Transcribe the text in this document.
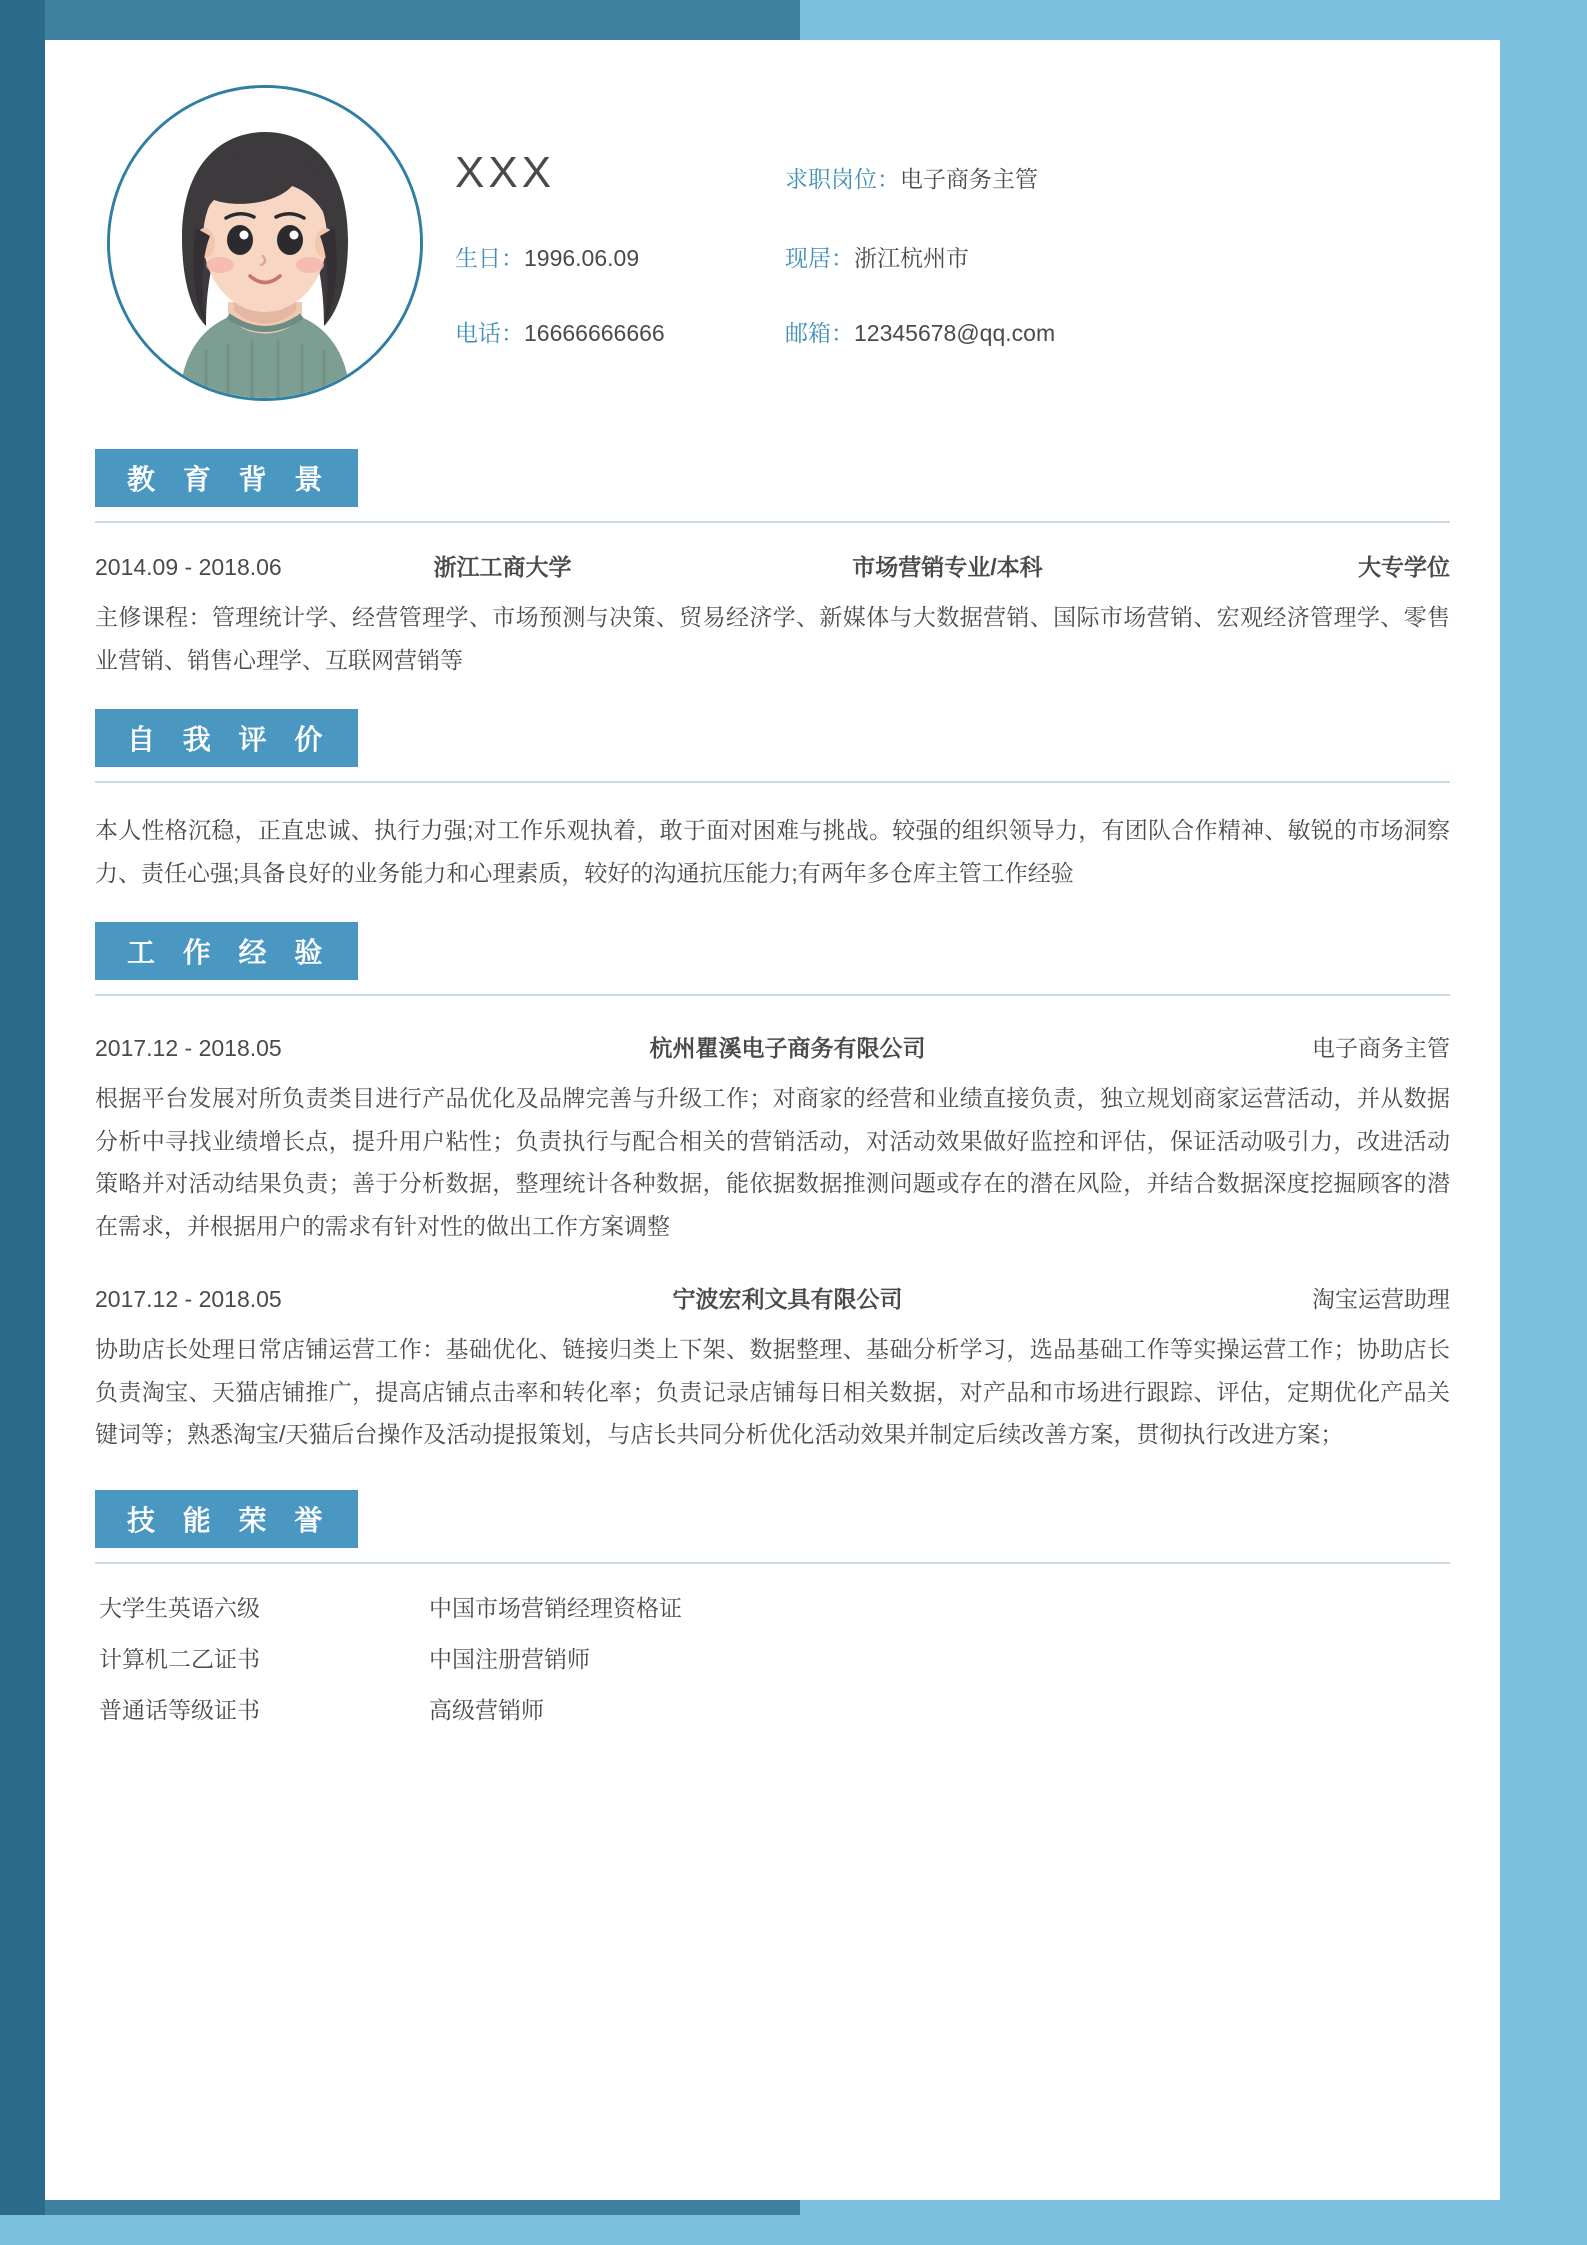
XXX	求职岗位：电子商务主管
生日：1996.06.09	现居：浙江杭州市
电话：16666666666	邮箱：12345678@qq.com
教 育 背 景
2014.09 - 2018.06	浙江工商大学	市场营销专业/本科	大专学位
主修课程：管理统计学、经营管理学、市场预测与决策、贸易经济学、新媒体与大数据营销、国际市场营销、宏观经济管理学、零售业营销、销售心理学、互联网营销等
自 我 评 价
本人性格沉稳，正直忠诚、执行力强;对工作乐观执着，敢于面对困难与挑战。较强的组织领导力，有团队合作精神、敏锐的市场洞察力、责任心强;具备良好的业务能力和心理素质，较好的沟通抗压能力;有两年多仓库主管工作经验
工 作 经 验
2017.12 - 2018.05	杭州瞿溪电子商务有限公司	电子商务主管
根据平台发展对所负责类目进行产品优化及品牌完善与升级工作；对商家的经营和业绩直接负责，独立规划商家运营活动，并从数据分析中寻找业绩增长点，提升用户粘性；负责执行与配合相关的营销活动，对活动效果做好监控和评估，保证活动吸引力，改进活动策略并对活动结果负责；善于分析数据，整理统计各种数据，能依据数据推测问题或存在的潜在风险，并结合数据深度挖掘顾客的潜在需求，并根据用户的需求有针对性的做出工作方案调整
2017.12 - 2018.05	宁波宏利文具有限公司	淘宝运营助理
协助店长处理日常店铺运营工作：基础优化、链接归类上下架、数据整理、基础分析学习，选品基础工作等实操运营工作；协助店长负责淘宝、天猫店铺推广，提高店铺点击率和转化率；负责记录店铺每日相关数据，对产品和市场进行跟踪、评估，定期优化产品关键词等；熟悉淘宝/天猫后台操作及活动提报策划，与店长共同分析优化活动效果并制定后续改善方案，贯彻执行改进方案；
技 能 荣 誉
大学生英语六级	中国市场营销经理资格证
计算机二乙证书	中国注册营销师
普通话等级证书	高级营销师
